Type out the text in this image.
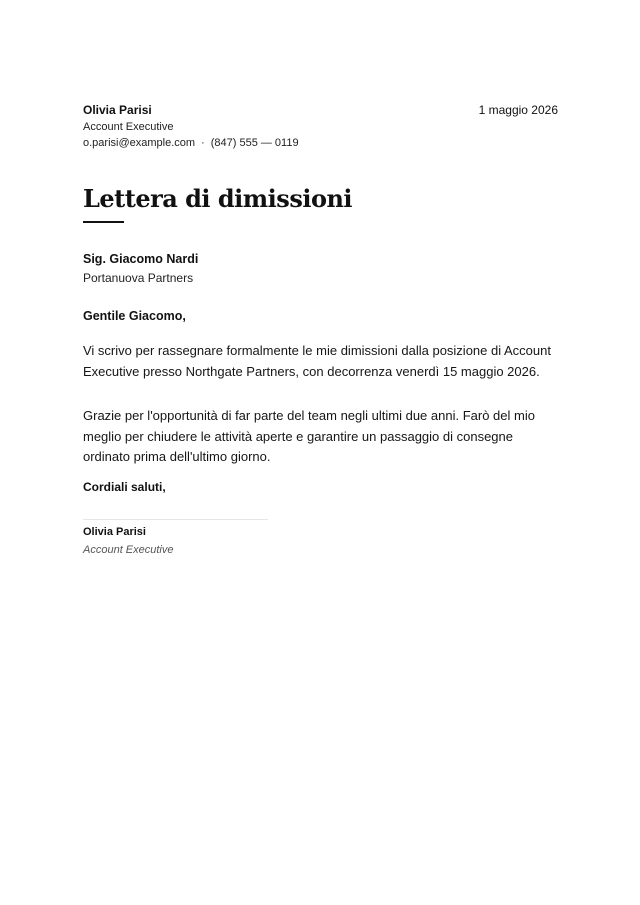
Olivia Parisi
Account Executive
o.parisi@example.com · (847) 555 — 0119
1 maggio 2026
Lettera di dimissioni
Sig. Giacomo Nardi
Portanuova Partners
Gentile Giacomo,
Vi scrivo per rassegnare formalmente le mie dimissioni dalla posizione di Account Executive presso Northgate Partners, con decorrenza venerdì 15 maggio 2026.
Grazie per l'opportunità di far parte del team negli ultimi due anni. Farò del mio meglio per chiudere le attività aperte e garantire un passaggio di consegne ordinato prima dell'ultimo giorno.
Cordiali saluti,
Olivia Parisi
Account Executive
